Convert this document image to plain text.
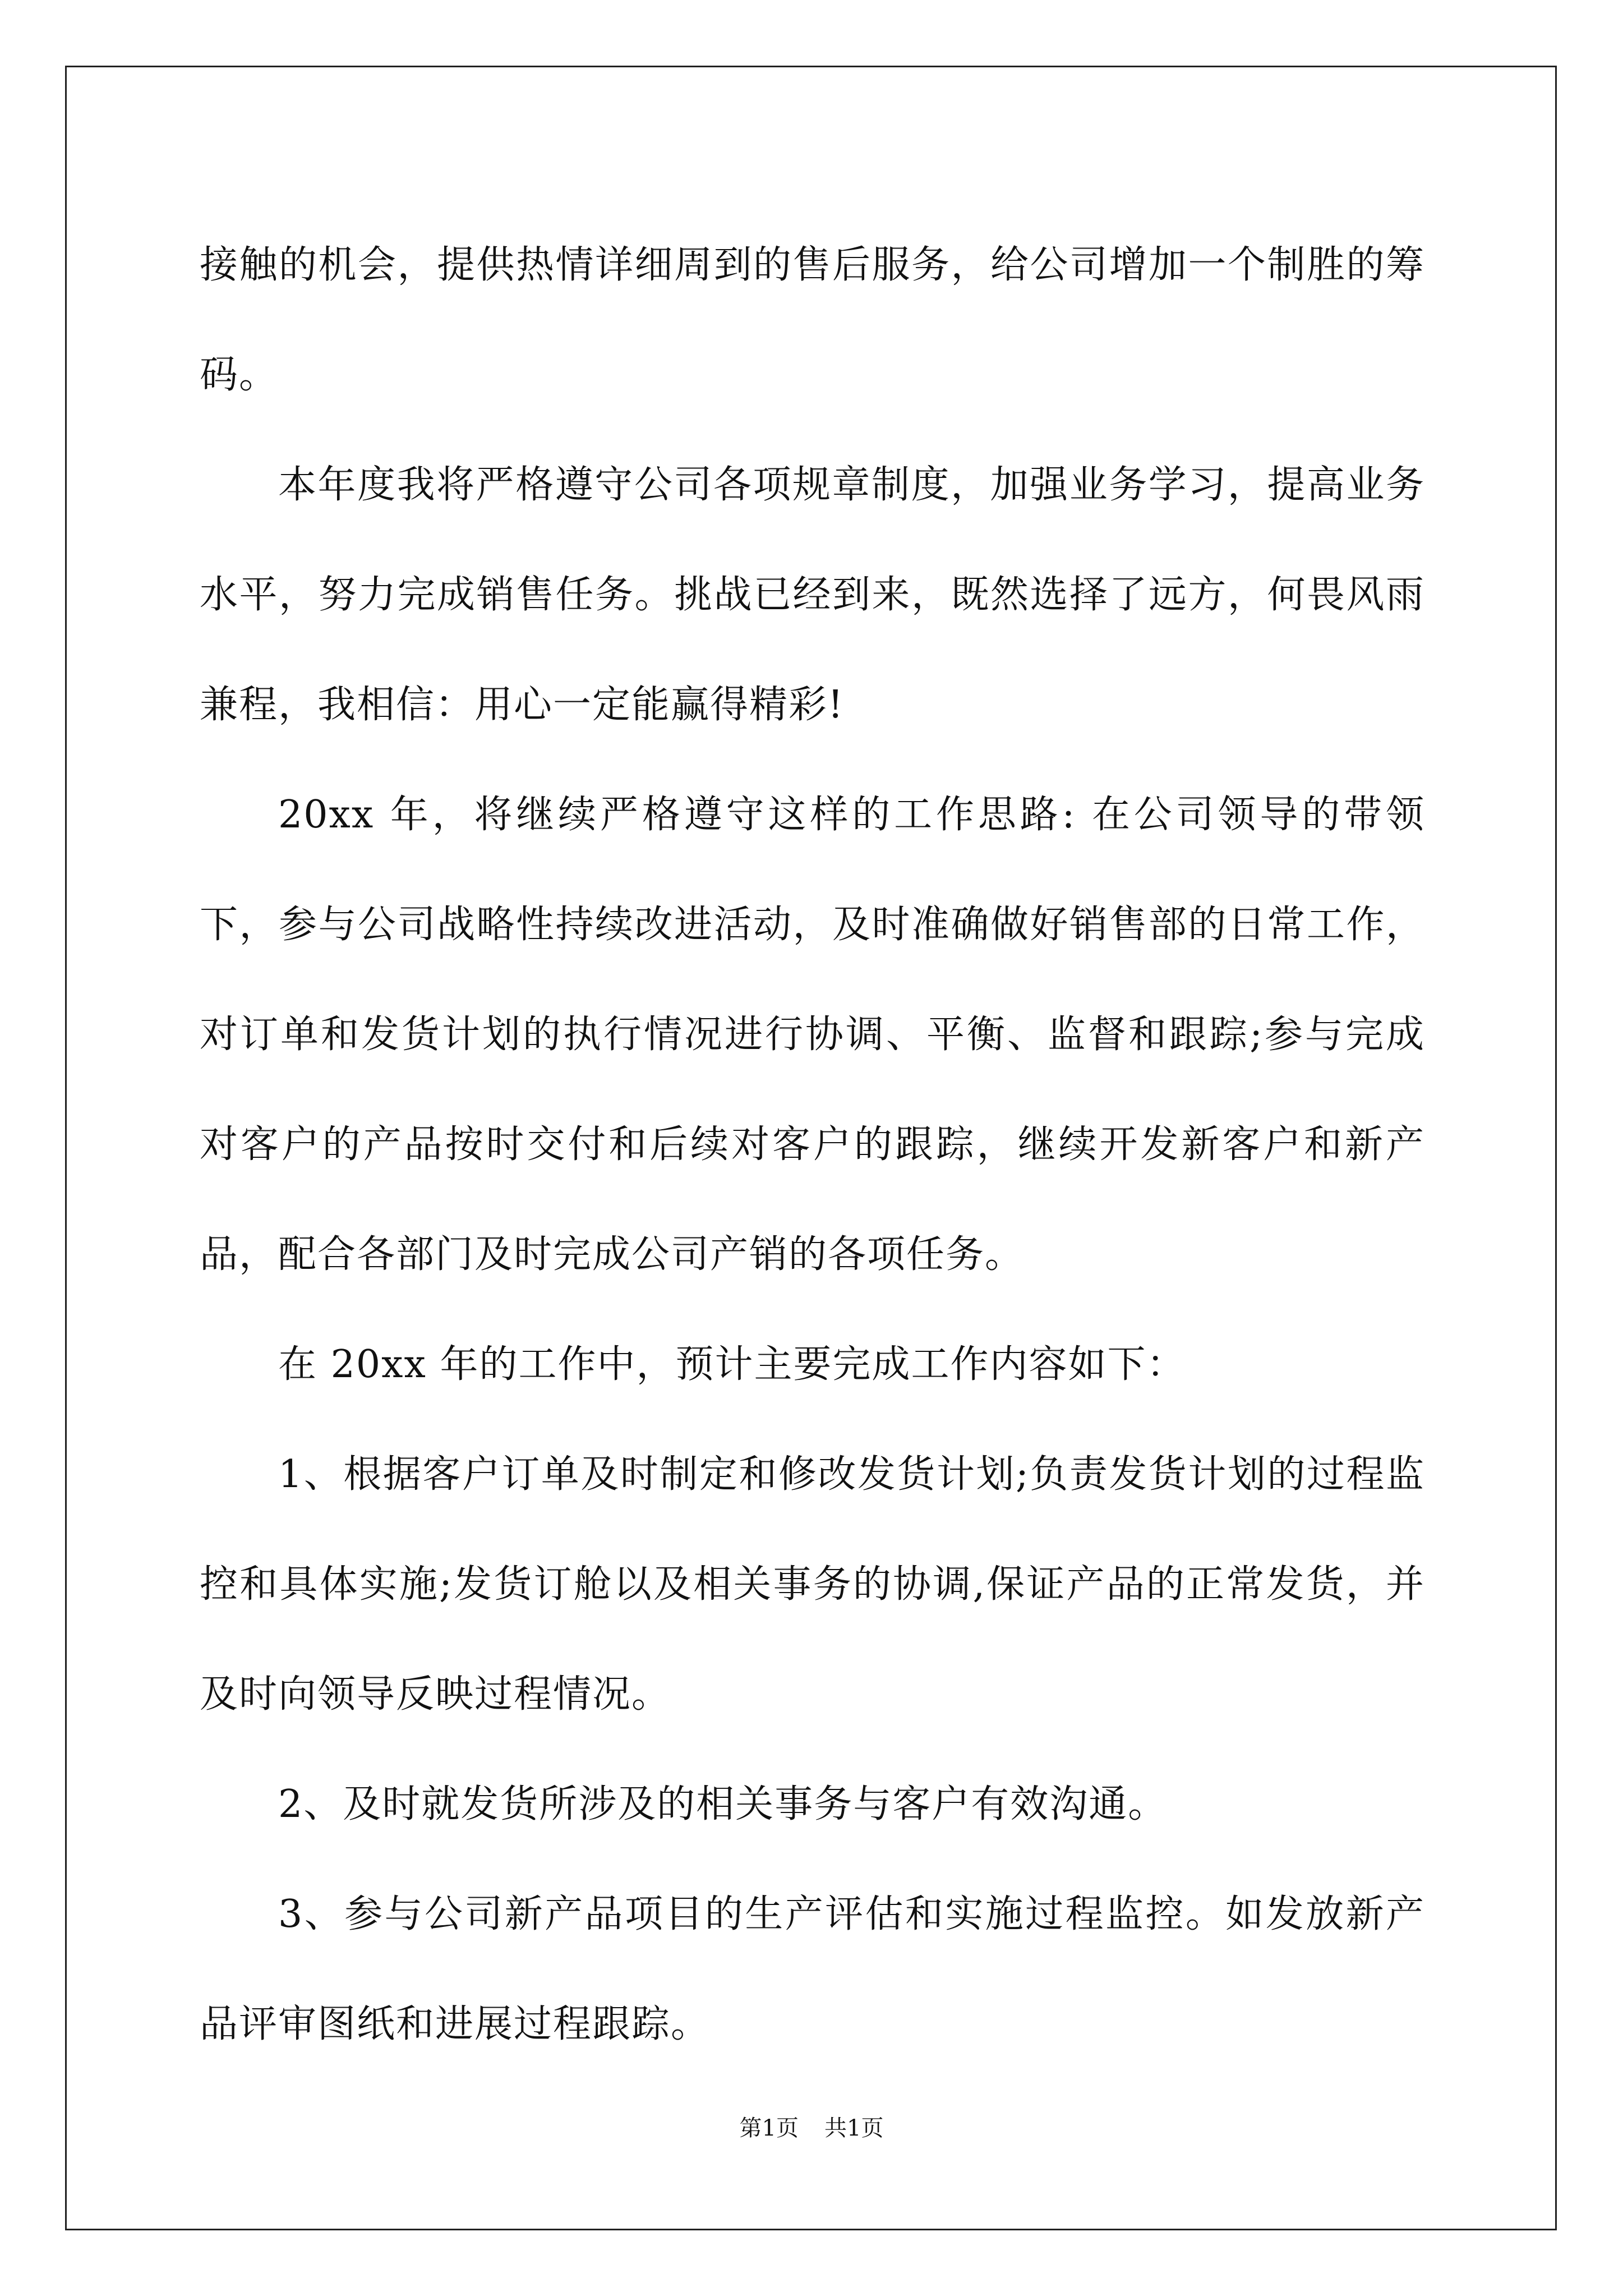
接触的机会，提供热情详细周到的售后服务，给公司增加一个制胜的筹码。

本年度我将严格遵守公司各项规章制度，加强业务学习，提高业务水平，努力完成销售任务。挑战已经到来，既然选择了远方，何畏风雨兼程，我相信：用心一定能赢得精彩!

20xx 年，将继续严格遵守这样的工作思路: 在公司领导的带领下，参与公司战略性持续改进活动，及时准确做好销售部的日常工作，对订单和发货计划的执行情况进行协调、平衡、监督和跟踪;参与完成对客户的产品按时交付和后续对客户的跟踪，继续开发新客户和新产品，配合各部门及时完成公司产销的各项任务。

在 20xx 年的工作中，预计主要完成工作内容如下：

1、根据客户订单及时制定和修改发货计划;负责发货计划的过程监控和具体实施;发货订舱以及相关事务的协调,保证产品的正常发货，并及时向领导反映过程情况。

2、及时就发货所涉及的相关事务与客户有效沟通。

3、参与公司新产品项目的生产评估和实施过程监控。如发放新产品评审图纸和进展过程跟踪。

第1页 共1页
